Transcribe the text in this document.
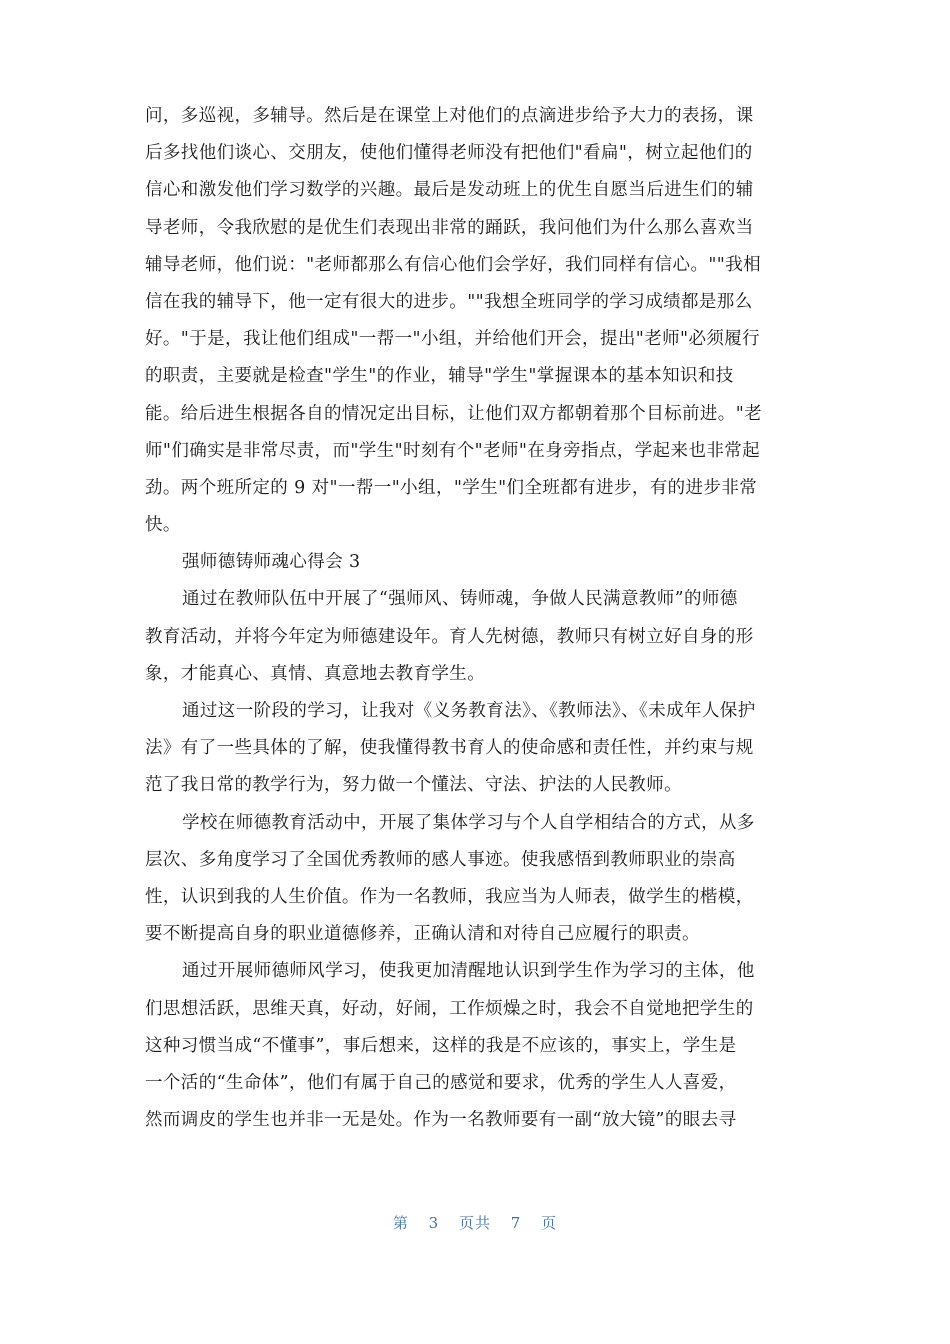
问，多巡视，多辅导。然后是在课堂上对他们的点滴进步给予大力的表扬，课
后多找他们谈心、交朋友，使他们懂得老师没有把他们"看扁"，树立起他们的
信心和激发他们学习数学的兴趣。最后是发动班上的优生自愿当后进生们的辅
导老师，令我欣慰的是优生们表现出非常的踊跃，我问他们为什么那么喜欢当
辅导老师，他们说："老师都那么有信心他们会学好，我们同样有信心。""我相
信在我的辅导下，他一定有很大的进步。""我想全班同学的学习成绩都是那么
好。"于是，我让他们组成"一帮一"小组，并给他们开会，提出"老师"必须履行
的职责，主要就是检查"学生"的作业，辅导"学生"掌握课本的基本知识和技
能。给后进生根据各自的情况定出目标，让他们双方都朝着那个目标前进。"老
师"们确实是非常尽责，而"学生"时刻有个"老师"在身旁指点，学起来也非常起
劲。两个班所定的 9 对"一帮一"小组，"学生"们全班都有进步，有的进步非常
快。
强师德铸师魂心得会 3
通过在教师队伍中开展了“强师风、铸师魂，争做人民满意教师”的师德
教育活动，并将今年定为师德建设年。育人先树德，教师只有树立好自身的形
象，才能真心、真情、真意地去教育学生。
通过这一阶段的学习，让我对《义务教育法》、《教师法》、《未成年人保护
法》有了一些具体的了解，使我懂得教书育人的使命感和责任性，并约束与规
范了我日常的教学行为，努力做一个懂法、守法、护法的人民教师。
学校在师德教育活动中，开展了集体学习与个人自学相结合的方式，从多
层次、多角度学习了全国优秀教师的感人事迹。使我感悟到教师职业的崇高
性，认识到我的人生价值。作为一名教师，我应当为人师表，做学生的楷模，
要不断提高自身的职业道德修养，正确认清和对待自己应履行的职责。
通过开展师德师风学习，使我更加清醒地认识到学生作为学习的主体，他
们思想活跃，思维天真，好动，好闹，工作烦燥之时，我会不自觉地把学生的
这种习惯当成“不懂事”，事后想来，这样的我是不应该的，事实上，学生是
一个活的“生命体”，他们有属于自己的感觉和要求，优秀的学生人人喜爱，
然而调皮的学生也并非一无是处。作为一名教师要有一副“放大镜”的眼去寻
第 3 页共 7 页
